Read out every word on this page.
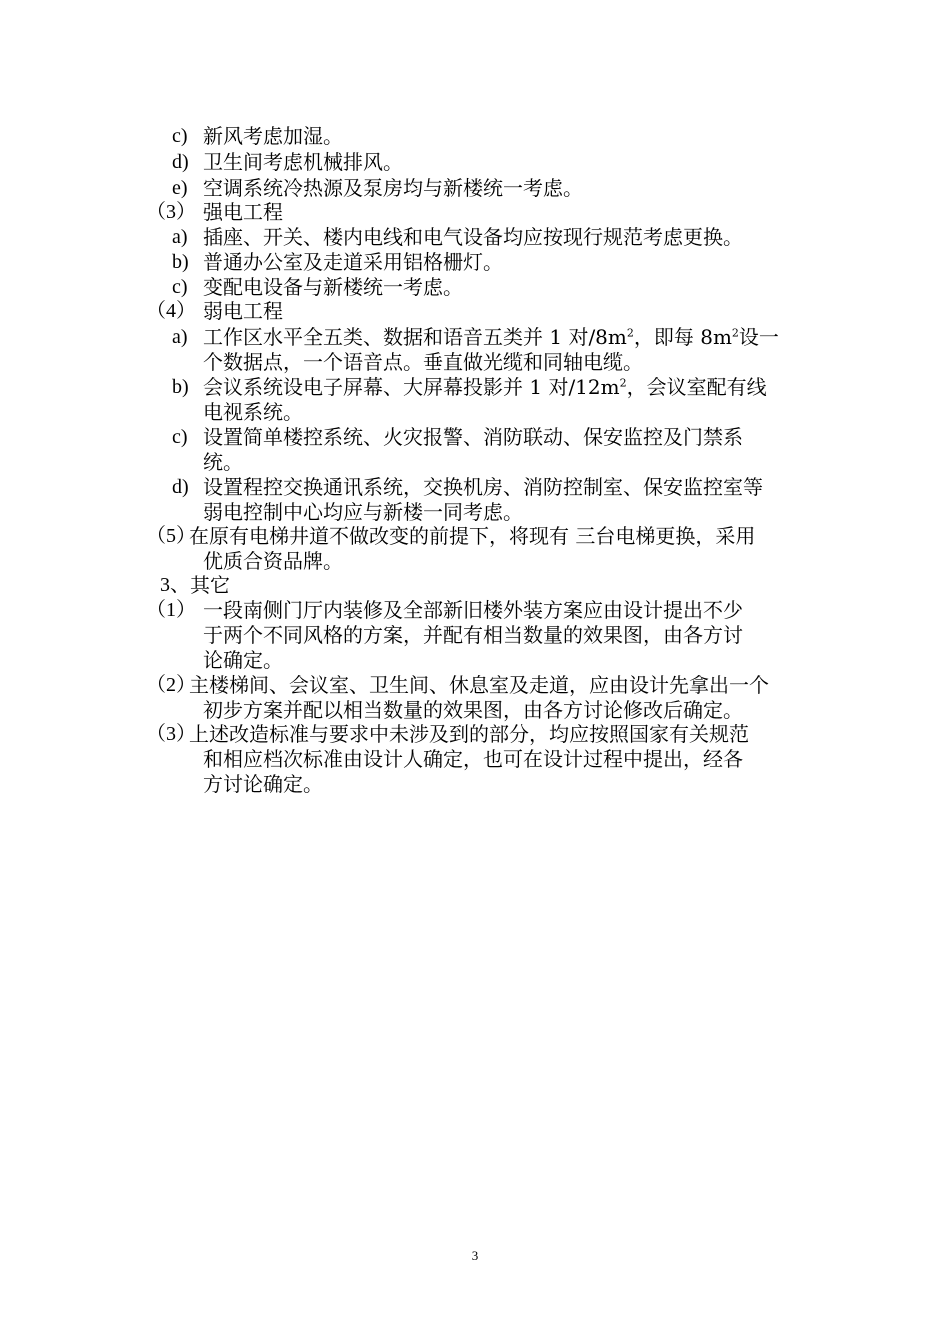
c) 新风考虑加湿。
d) 卫生间考虑机械排风。
e) 空调系统冷热源及泵房均与新楼统一考虑。
（3） 强电工程
a) 插座、开关、楼内电线和电气设备均应按现行规范考虑更换。
b) 普通办公室及走道采用铝格栅灯。
c) 变配电设备与新楼统一考虑。
（4） 弱电工程
a) 工作区水平全五类、数据和语音五类并 1 对$/8m^2$，即每 $8m^2$设一
个数据点，一个语音点。垂直做光缆和同轴电缆。
b) 会议系统设电子屏幕、大屏幕投影并 1 对$/12m^2$，会议室配有线
电视系统。
c) 设置简单楼控系统、火灾报警、消防联动、保安监控及门禁系
统。
d) 设置程控交换通讯系统，交换机房、消防控制室、保安监控室等
弱电控制中心均应与新楼一同考虑。
（5）
在原有电梯井道不做改变的前提下，将现有 三台电梯更换，采用
优质合资品牌。
3、 其它
（1） 一段南侧门厅内装修及全部新旧楼外装方案应由设计提出不少
于两个不同风格的方案，并配有相当数量的效果图，由各方讨
论确定。
（2）
主楼梯间、会议室、卫生间、休息室及走道，应由设计先拿出一个
初步方案并配以相当数量的效果图，由各方讨论修改后确定。
（3）
上述改造标准与要求中未涉及到的部分，均应按照国家有关规范
和相应档次标准由设计人确定，也可在设计过程中提出，经各
方讨论确定。
3
